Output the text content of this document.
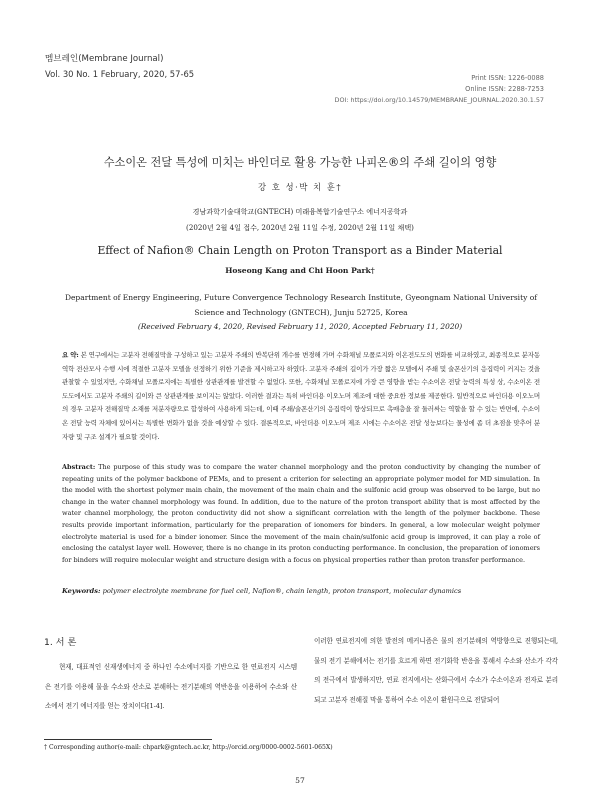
멤브레인(Membrane Journal)
Vol. 30 No. 1 February, 2020, 57-65	Print ISSN: 1226-0088
Online ISSN: 2288-7253
DOI: https://doi.org/10.14579/MEMBRANE_JOURNAL.2020.30.1.57
수소이온 전달 특성에 미치는 바인더로 활용 가능한 나피온®의 주쇄 길이의 영향
강 호 성·박 치 훈†
경남과학기술대학교(GNTECH) 미래융복합기술연구소 에너지공학과
(2020년 2월 4일 접수, 2020년 2월 11일 수정, 2020년 2월 11일 채택)
Effect of Nafion® Chain Length on Proton Transport as a Binder Material
Hoseong Kang and Chi Hoon Park†
Department of Energy Engineering, Future Convergence Technology Research Institute, Gyeongnam National University of Science and Technology (GNTECH), Junju 52725, Korea
(Received February 4, 2020, Revised February 11, 2020, Accepted February 11, 2020)
요 약: 본 연구에서는 고분자 전해질막을 구성하고 있는 고분자 주쇄의 반복단위 개수를 변경해 가며 수화채널 모폴로지와 이온전도도의 변화를 비교하였고, 최종적으로 분자동역학 전산모사 수행 시에 적절한 고분자 모델을 선정하기 위한 기준을 제시하고자 하였다. 고분자 주쇄의 길이가 가장 짧은 모델에서 주쇄 및 술폰산기의 응집력이 커지는 것을 관찰할 수 있었지만, 수화채널 모폴로지에는 특별한 상관관계를 발견할 수 없었다. 또한, 수화채널 모폴로지에 가장 큰 영향을 받는 수소이온 전달 능력의 특성 상, 수소이온 전도도에서도 고분자 주쇄의 길이와 큰 상관관계를 보이지는 않았다. 이러한 결과는 특히 바인더용 이오노머 제조에 대한 중요한 정보를 제공한다. 일반적으로 바인더용 이오노머의 경우 고분자 전해질막 소재를 저분자량으로 합성하여 사용하게 되는데, 이때 주쇄/술폰산기의 응집력이 향상되므로 촉매층을 잘 둘러싸는 역할을 할 수 있는 반면에, 수소이온 전달 능력 자체에 있어서는 특별한 변화가 없을 것을 예상할 수 있다. 결론적으로, 바인더용 이오노머 제조 시에는 수소이온 전달 성능보다는 물성에 좀 더 초점을 맞추어 분자량 및 구조 설계가 필요할 것이다.
Abstract: The purpose of this study was to compare the water channel morphology and the proton conductivity by changing the number of repeating units of the polymer backbone of PEMs, and to present a criterion for selecting an appropriate polymer model for MD simulation. In the model with the shortest polymer main chain, the movement of the main chain and the sulfonic acid group was observed to be large, but no change in the water channel morphology was found. In addition, due to the nature of the proton transport ability that is most affected by the water channel morphology, the proton conductivity did not show a significant correlation with the length of the polymer backbone. These results provide important information, particularly for the preparation of ionomers for binders. In general, a low molecular weight polymer electrolyte material is used for a binder ionomer. Since the movement of the main chain/sulfonic acid group is improved, it can play a role of enclosing the catalyst layer well. However, there is no change in its proton conducting performance. In conclusion, the preparation of ionomers for binders will require molecular weight and structure design with a focus on physical properties rather than proton transfer performance.
Keywords: polymer electrolyte membrane for fuel cell, Nafion®, chain length, proton transport, molecular dynamics
1. 서 론
현재, 대표적인 신재생에너지 중 하나인 수소에너지를 기반으로 한 연료전지 시스템은 전기를 이용해 물을 수소와 산소로 분해하는 전기분해의 역반응을 이용하여 수소와 산소에서 전기 에너지를 얻는 장치이다[1-4].
이러한 연료전지에 의한 발전의 메커니즘은 물의 전기분해의 역방향으로 진행되는데, 물의 전기 분해에서는 전기를 흐르게 하면 전기화학 반응을 통해서 수소와 산소가 각각의 전극에서 발생하지만, 연료 전지에서는 산화극에서 수소가 수소이온과 전자로 분리되고 고분자 전해질 막을 통하여 수소 이온이 환원극으로 전달되어
† Corresponding author(e-mail: chpark@gntech.ac.kr, http://orcid.org/0000-0002-5601-065X)
57
